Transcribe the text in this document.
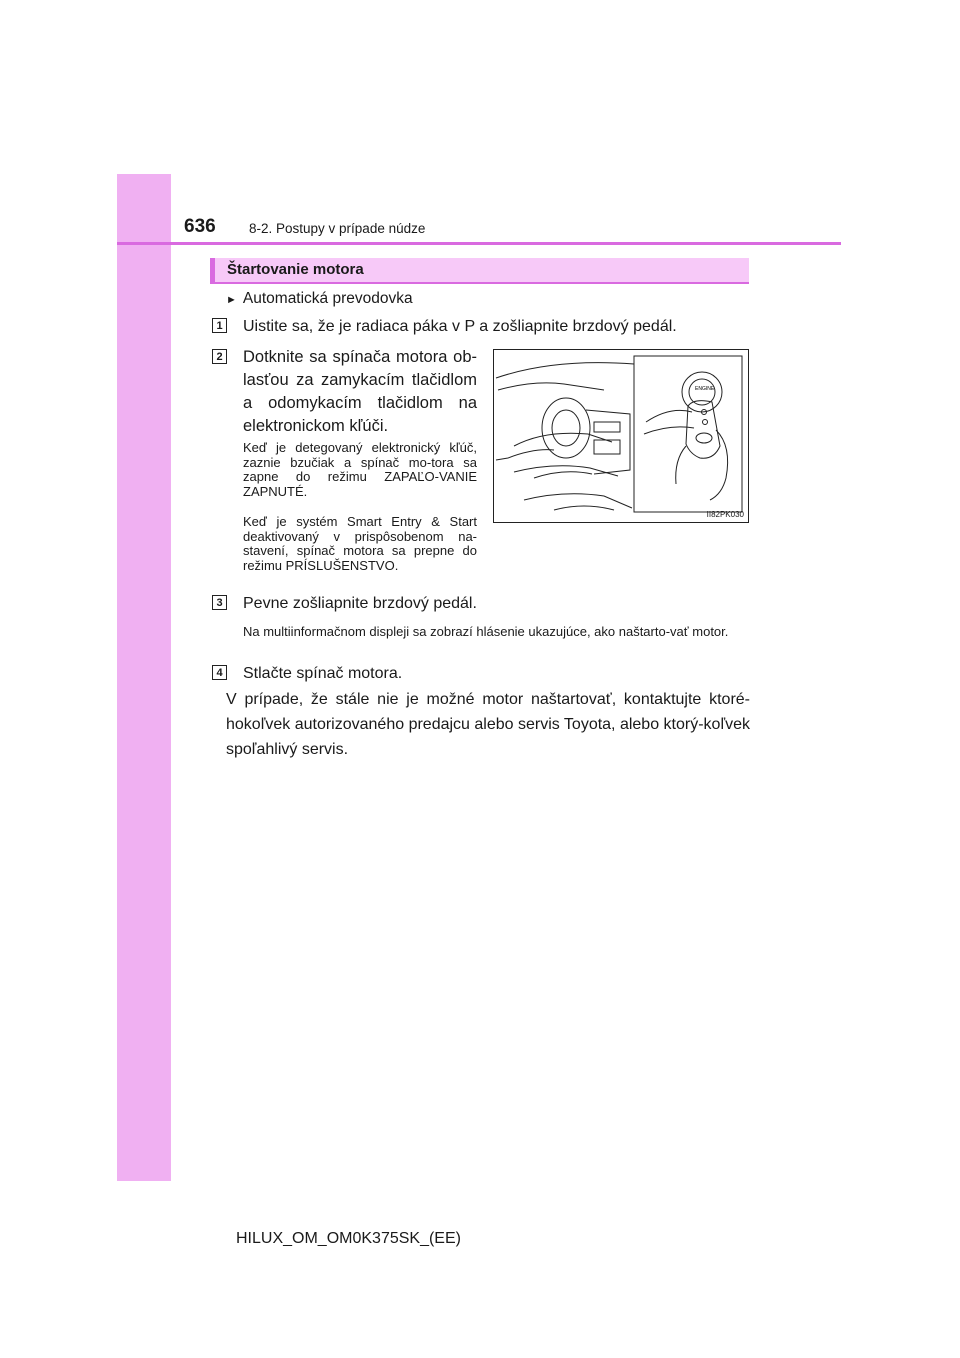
636 8-2. Postupy v prípade núdze
Štartovanie motora
► Automatická prevodovka
1 Uistite sa, že je radiaca páka v P a zošliapnite brzdový pedál.
2 Dotknite sa spínača motora ob-lasťou za zamykacím tlačidlom a odomykacím tlačidlom na elektronickom kľúči.
Keď je detegovaný elektronický kľúč, zaznie bzučiak a spínač mo-tora sa zapne do režimu ZAPAĽO-VANIE ZAPNUTÉ.
Keď je systém Smart Entry & Start deaktivovaný v prispôsobenom na-stavení, spínač motora sa prepne do režimu PRÍSLUŠENSTVO.
ENGINE
II82PK030
3 Pevne zošliapnite brzdový pedál.
Na multiinformačnom displeji sa zobrazí hlásenie ukazujúce, ako naštarto-vať motor.
4 Stlačte spínač motora.
V prípade, že stále nie je možné motor naštartovať, kontaktujte ktoré-hokoľvek autorizovaného predajcu alebo servis Toyota, alebo ktorý-koľvek spoľahlivý servis.
HILUX_OM_OM0K375SK_(EE)
